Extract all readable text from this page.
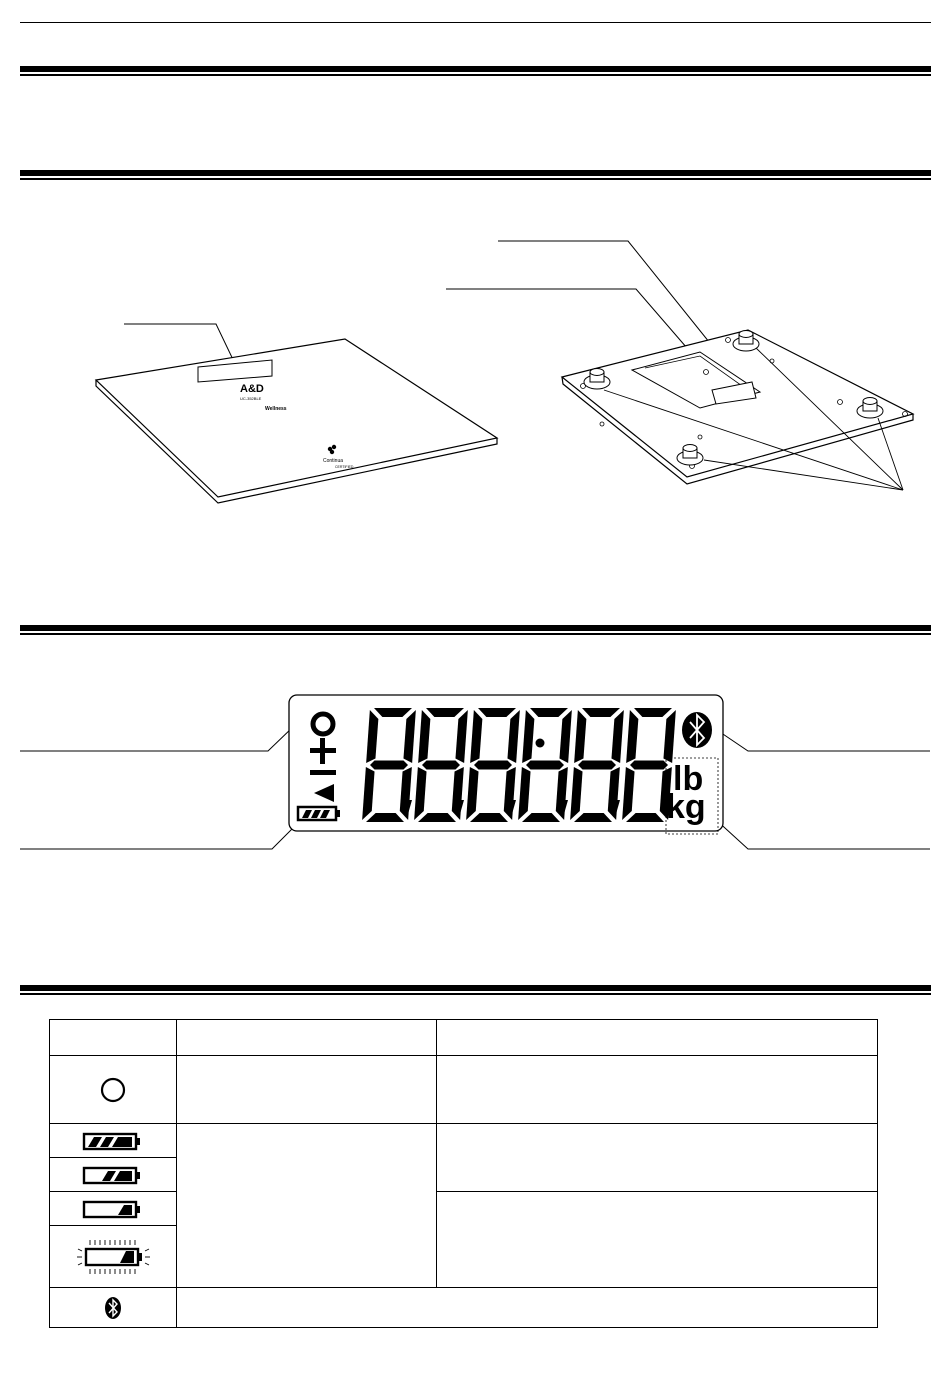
A&D
UC-352BLE
Wellness
Continua
CERTIFIED
lb
kg
